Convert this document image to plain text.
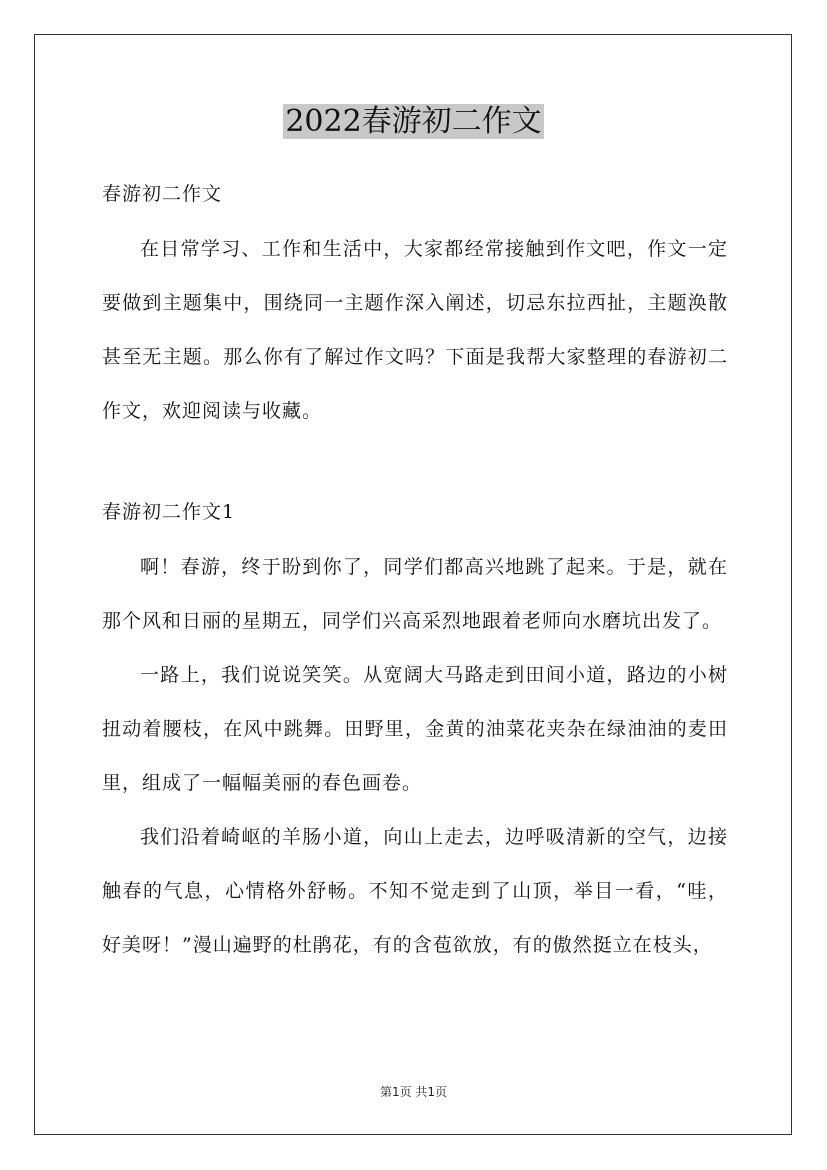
2022春游初二作文

春游初二作文

在日常学习、工作和生活中，大家都经常接触到作文吧，作文一定要做到主题集中，围绕同一主题作深入阐述，切忌东拉西扯，主题涣散甚至无主题。那么你有了解过作文吗？下面是我帮大家整理的春游初二作文，欢迎阅读与收藏。

春游初二作文1

啊！春游，终于盼到你了，同学们都高兴地跳了起来。于是，就在那个风和日丽的星期五，同学们兴高采烈地跟着老师向水磨坑出发了。

一路上，我们说说笑笑。从宽阔大马路走到田间小道，路边的小树扭动着腰枝，在风中跳舞。田野里，金黄的油菜花夹杂在绿油油的麦田里，组成了一幅幅美丽的春色画卷。

我们沿着崎岖的羊肠小道，向山上走去，边呼吸清新的空气，边接触春的气息，心情格外舒畅。不知不觉走到了山顶，举目一看，“哇，好美呀！”漫山遍野的杜鹃花，有的含苞欲放，有的傲然挺立在枝头，

第1页 共1页
